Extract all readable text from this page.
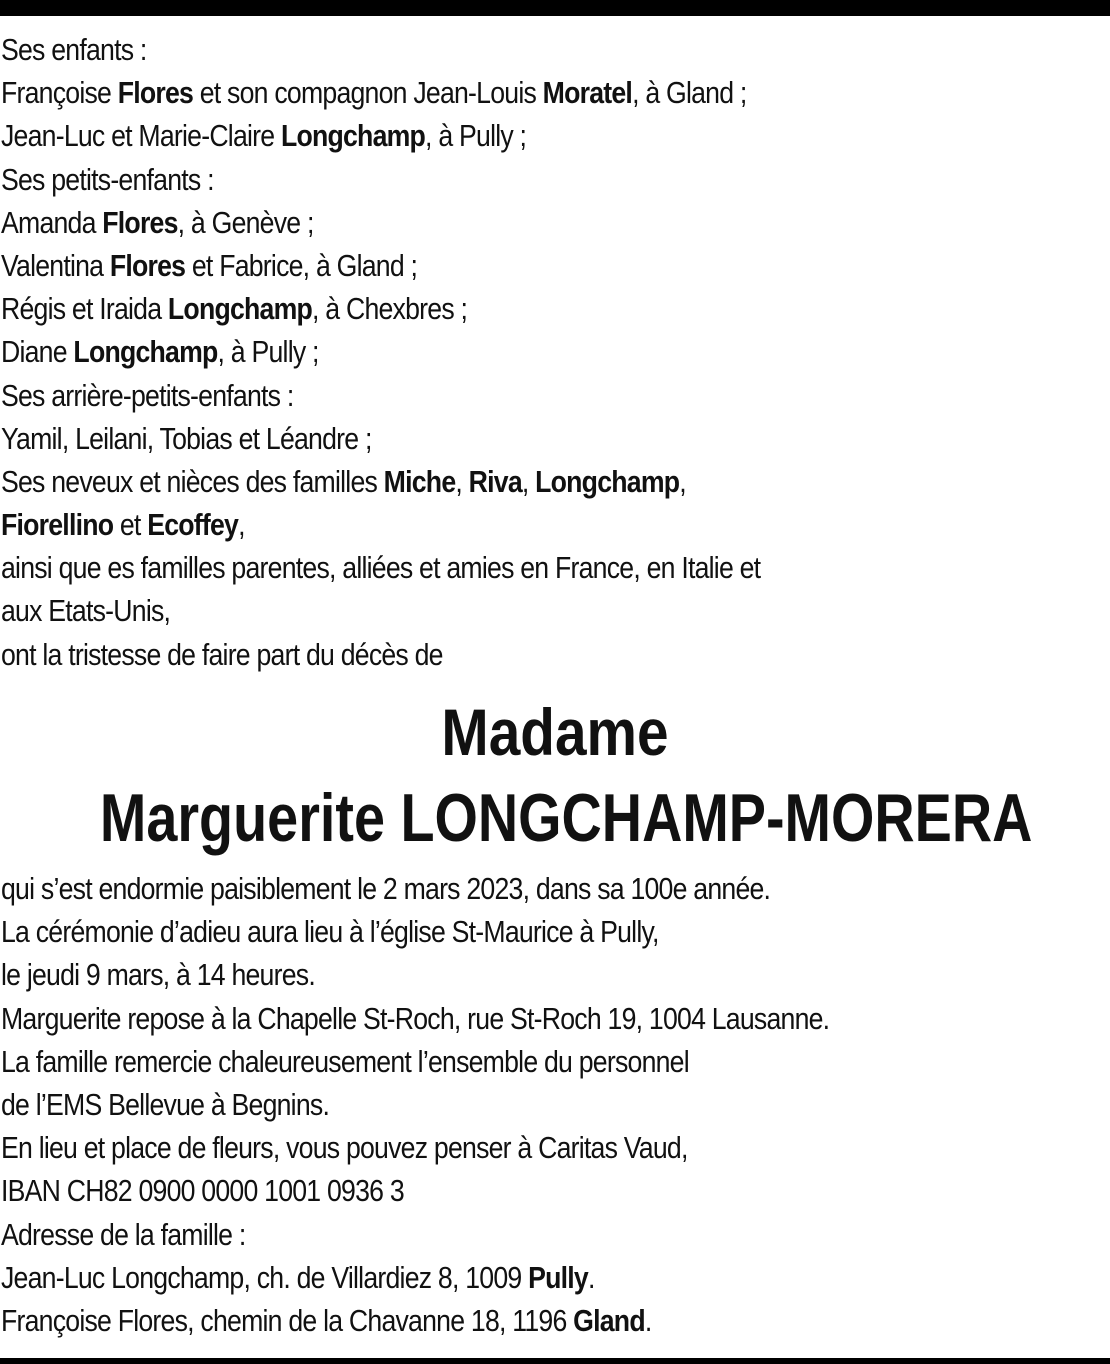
Ses enfants :
Françoise Flores et son compagnon Jean-Louis Moratel, à Gland ;
Jean-Luc et Marie-Claire Longchamp, à Pully ;
Ses petits-enfants :
Amanda Flores, à Genève ;
Valentina Flores et Fabrice, à Gland ;
Régis et Iraida Longchamp, à Chexbres ;
Diane Longchamp, à Pully ;
Ses arrière-petits-enfants :
Yamil, Leilani, Tobias et Léandre ;
Ses neveux et nièces des familles Miche, Riva, Longchamp,
Fiorellino et Ecoffey,
ainsi que es familles parentes, alliées et amies en France, en Italie et
aux Etats-Unis,
ont la tristesse de faire part du décès de
Madame
Marguerite LONGCHAMP-MORERA
qui s’est endormie paisiblement le 2 mars 2023, dans sa 100e année.
La cérémonie d’adieu aura lieu à l’église St-Maurice à Pully,
le jeudi 9 mars, à 14 heures.
Marguerite repose à la Chapelle St-Roch, rue St-Roch 19, 1004 Lausanne.
La famille remercie chaleureusement l’ensemble du personnel
de l’EMS Bellevue à Begnins.
En lieu et place de fleurs, vous pouvez penser à Caritas Vaud,
IBAN CH82 0900 0000 1001 0936 3
Adresse de la famille :
Jean-Luc Longchamp, ch. de Villardiez 8, 1009 Pully.
Françoise Flores, chemin de la Chavanne 18, 1196 Gland.
